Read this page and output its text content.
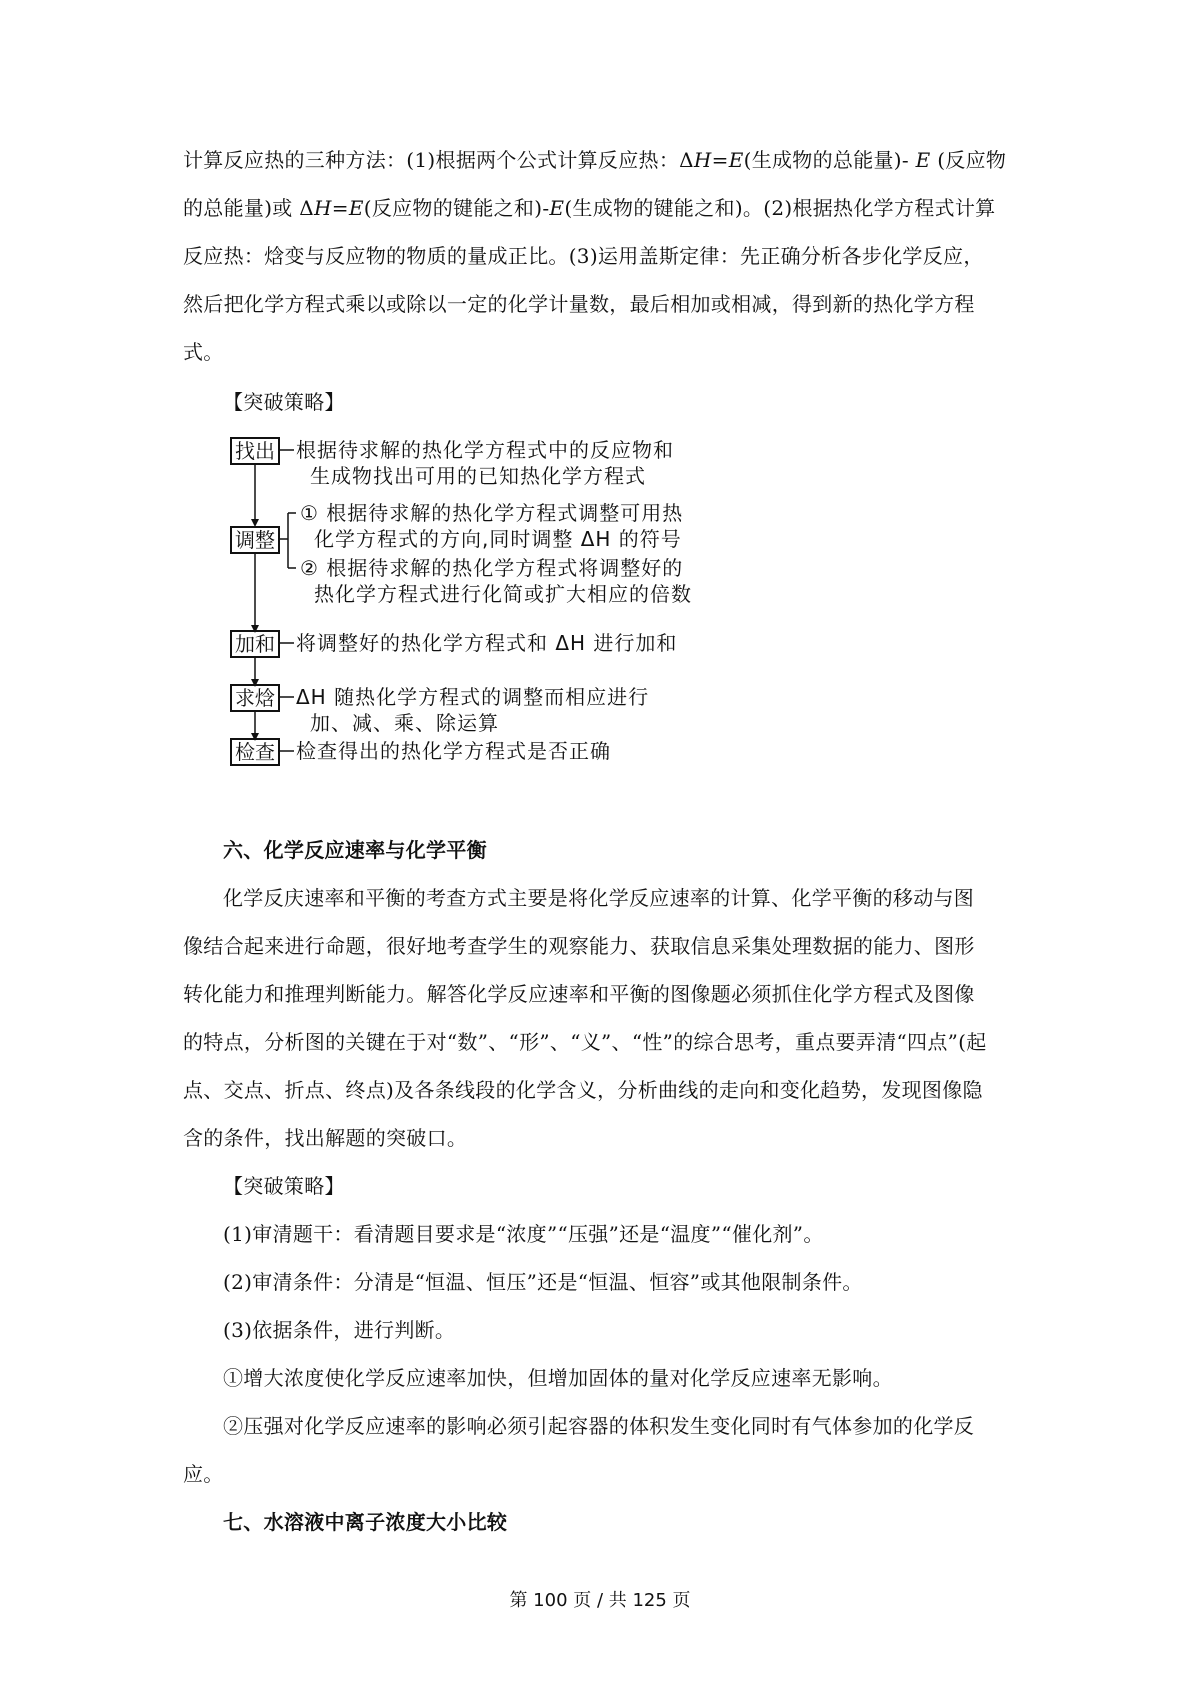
计算反应热的三种方法：(1)根据两个公式计算反应热：ΔH=E(生成物的总能量)- E (反应物
的总能量)或 ΔH=E(反应物的键能之和)-E(生成物的键能之和)。(2)根据热化学方程式计算
反应热：焓变与反应物的物质的量成正比。(3)运用盖斯定律：先正确分析各步化学反应，
然后把化学方程式乘以或除以一定的化学计量数，最后相加或相减，得到新的热化学方程
式。
【突破策略】
找出 根据待求解的热化学方程式中的反应物和
生成物找出可用的已知热化学方程式
调整
① 根据待求解的热化学方程式调整可用热
化学方程式的方向,同时调整 ΔH 的符号
② 根据待求解的热化学方程式将调整好的
热化学方程式进行化简或扩大相应的倍数
加和 将调整好的热化学方程式和 ΔH 进行加和
求焓 ΔH 随热化学方程式的调整而相应进行
加、减、乘、除运算
检查 检查得出的热化学方程式是否正确
六、化学反应速率与化学平衡
化学反庆速率和平衡的考查方式主要是将化学反应速率的计算、化学平衡的移动与图
像结合起来进行命题，很好地考查学生的观察能力、获取信息采集处理数据的能力、图形
转化能力和推理判断能力。解答化学反应速率和平衡的图像题必须抓住化学方程式及图像
的特点，分析图的关键在于对“数”、“形”、“义”、“性”的综合思考，重点要弄清“四点”(起
点、交点、折点、终点)及各条线段的化学含义，分析曲线的走向和变化趋势，发现图像隐
含的条件，找出解题的突破口。
【突破策略】
(1)审清题干：看清题目要求是“浓度”“压强”还是“温度”“催化剂”。
(2)审清条件：分清是“恒温、恒压”还是“恒温、恒容”或其他限制条件。
(3)依据条件，进行判断。
①增大浓度使化学反应速率加快，但增加固体的量对化学反应速率无影响。
②压强对化学反应速率的影响必须引起容器的体积发生变化同时有气体参加的化学反
应。
七、水溶液中离子浓度大小比较
第 100 页 / 共 125 页
